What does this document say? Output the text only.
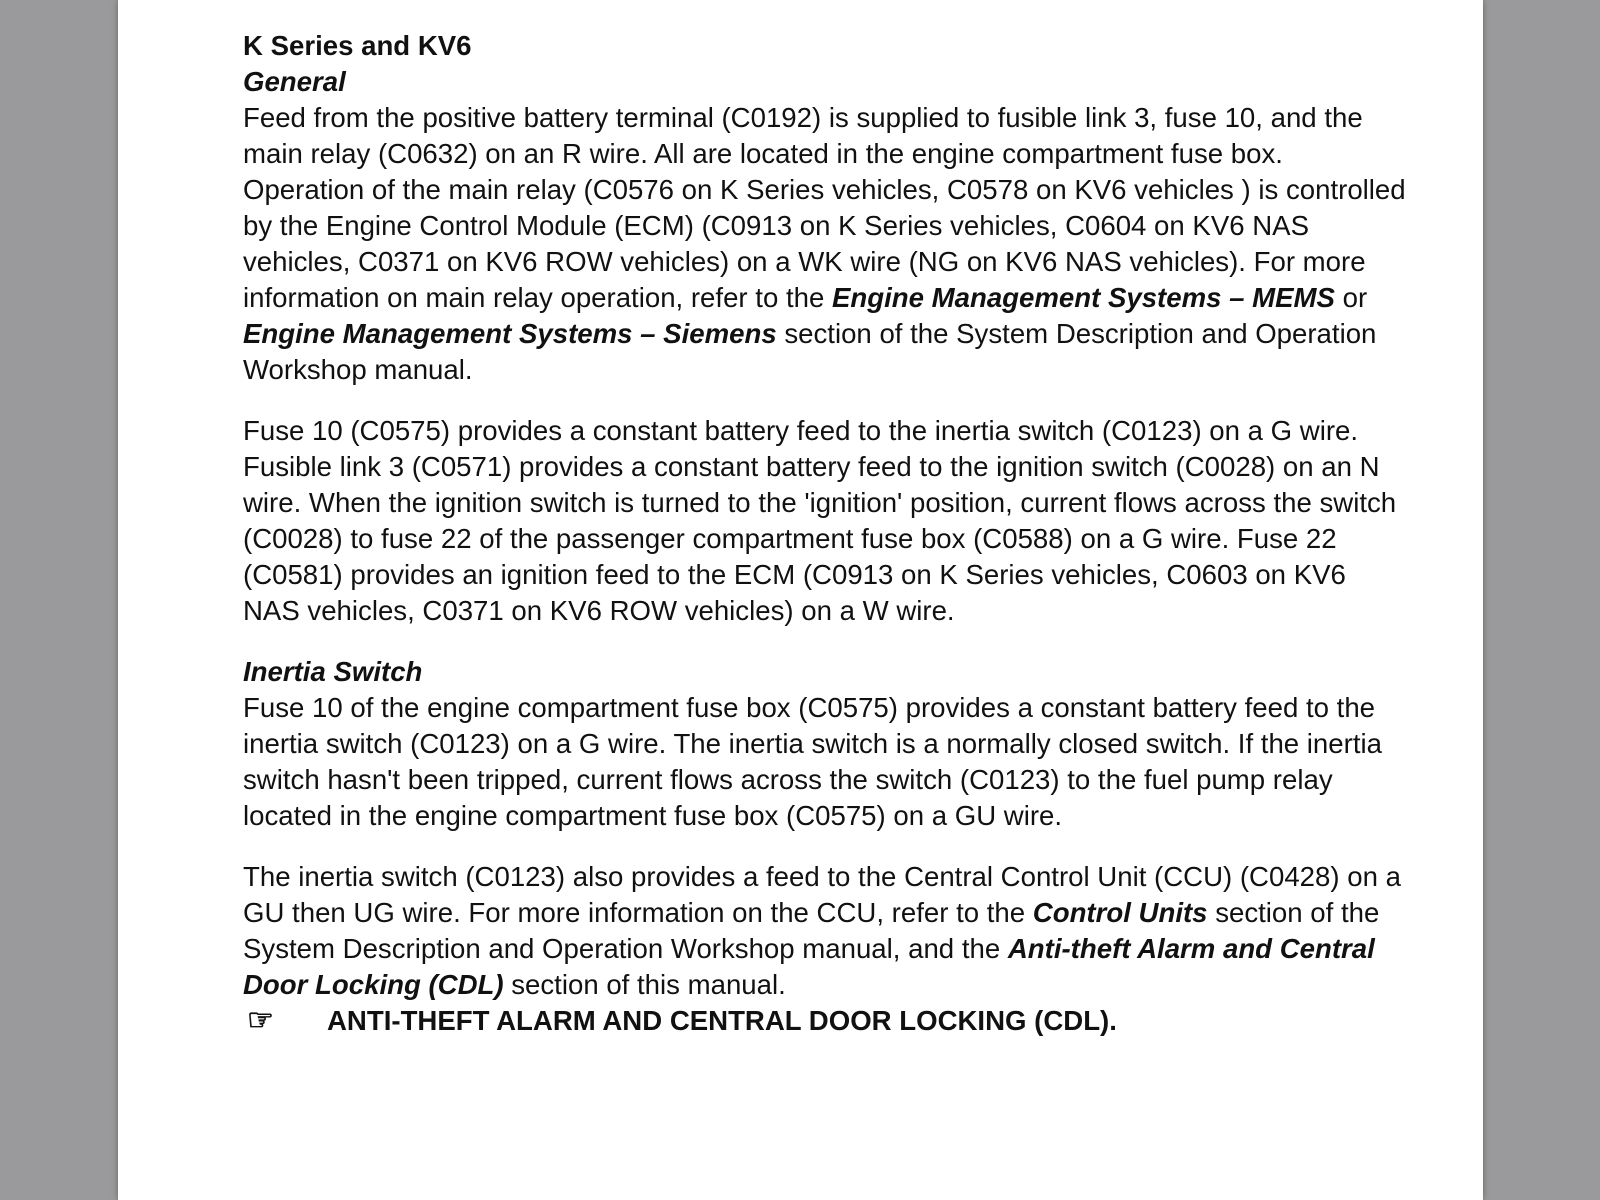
K Series and KV6

General

Feed from the positive battery terminal (C0192) is supplied to fusible link 3, fuse 10, and the main relay (C0632) on an R wire. All are located in the engine compartment fuse box. Operation of the main relay (C0576 on K Series vehicles, C0578 on KV6 vehicles ) is controlled by the Engine Control Module (ECM) (C0913 on K Series vehicles, C0604 on KV6 NAS vehicles, C0371 on KV6 ROW vehicles) on a WK wire (NG on KV6 NAS vehicles). For more information on main relay operation, refer to the Engine Management Systems – MEMS or Engine Management Systems – Siemens section of the System Description and Operation Workshop manual.

Fuse 10 (C0575) provides a constant battery feed to the inertia switch (C0123) on a G wire. Fusible link 3 (C0571) provides a constant battery feed to the ignition switch (C0028) on an N wire. When the ignition switch is turned to the 'ignition' position, current flows across the switch (C0028) to fuse 22 of the passenger compartment fuse box (C0588) on a G wire. Fuse 22 (C0581) provides an ignition feed to the ECM (C0913 on K Series vehicles, C0603 on KV6 NAS vehicles, C0371 on KV6 ROW vehicles) on a W wire.

Inertia Switch

Fuse 10 of the engine compartment fuse box (C0575) provides a constant battery feed to the inertia switch (C0123) on a G wire. The inertia switch is a normally closed switch. If the inertia switch hasn't been tripped, current flows across the switch (C0123) to the fuel pump relay located in the engine compartment fuse box (C0575) on a GU wire.

The inertia switch (C0123) also provides a feed to the Central Control Unit (CCU) (C0428) on a GU then UG wire. For more information on the CCU, refer to the Control Units section of the System Description and Operation Workshop manual, and the Anti-theft Alarm and Central Door Locking (CDL) section of this manual.

☞	ANTI-THEFT ALARM AND CENTRAL DOOR LOCKING (CDL).
